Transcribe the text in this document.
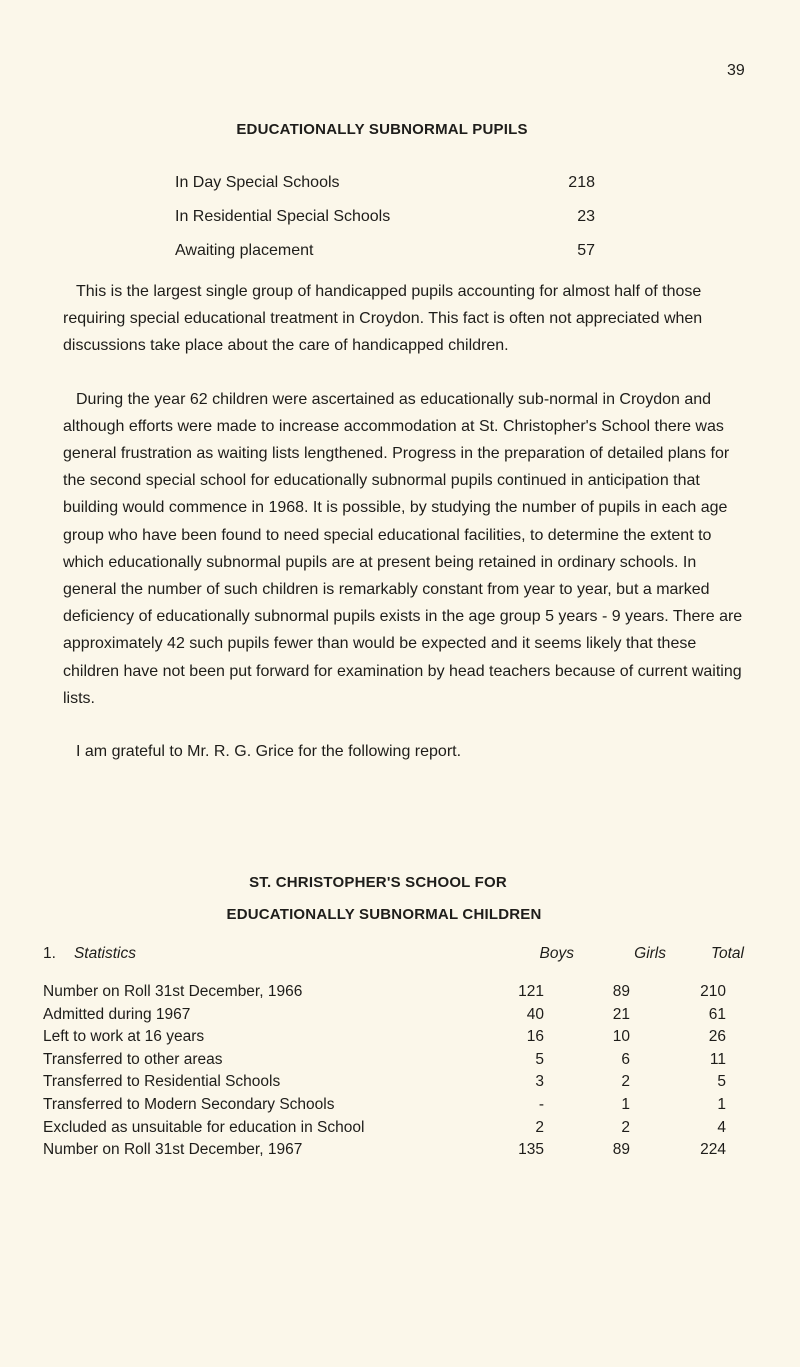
39
EDUCATIONALLY SUBNORMAL PUPILS
In Day Special Schools	218
In Residential Special Schools	23
Awaiting placement	57

This is the largest single group of handicapped pupils accounting for almost half of those requiring special educational treatment in Croydon. This fact is often not appreciated when discussions take place about the care of handicapped children.

During the year 62 children were ascertained as educationally sub-normal in Croydon and although efforts were made to increase accommodation at St. Christopher's School there was general frustration as waiting lists lengthened. Progress in the preparation of detailed plans for the second special school for educationally subnormal pupils continued in anticipation that building would commence in 1968. It is possible, by studying the number of pupils in each age group who have been found to need special educational facilities, to determine the extent to which educationally subnormal pupils are at present being retained in ordinary schools. In general the number of such children is remarkably constant from year to year, but a marked deficiency of educationally subnormal pupils exists in the age group 5 years - 9 years. There are approximately 42 such pupils fewer than would be expected and it seems likely that these children have not been put forward for examination by head teachers because of current waiting lists.

I am grateful to Mr. R. G. Grice for the following report.

ST. CHRISTOPHER'S SCHOOL FOR
EDUCATIONALLY SUBNORMAL CHILDREN
1. Statistics	Boys	Girls	Total
Number on Roll 31st December, 1966	121	89	210
Admitted during 1967	40	21	61
Left to work at 16 years	16	10	26
Transferred to other areas	5	6	11
Transferred to Residential Schools	3	2	5
Transferred to Modern Secondary Schools	-	1	1
Excluded as unsuitable for education in School	2	2	4
Number on Roll 31st December, 1967	135	89	224
